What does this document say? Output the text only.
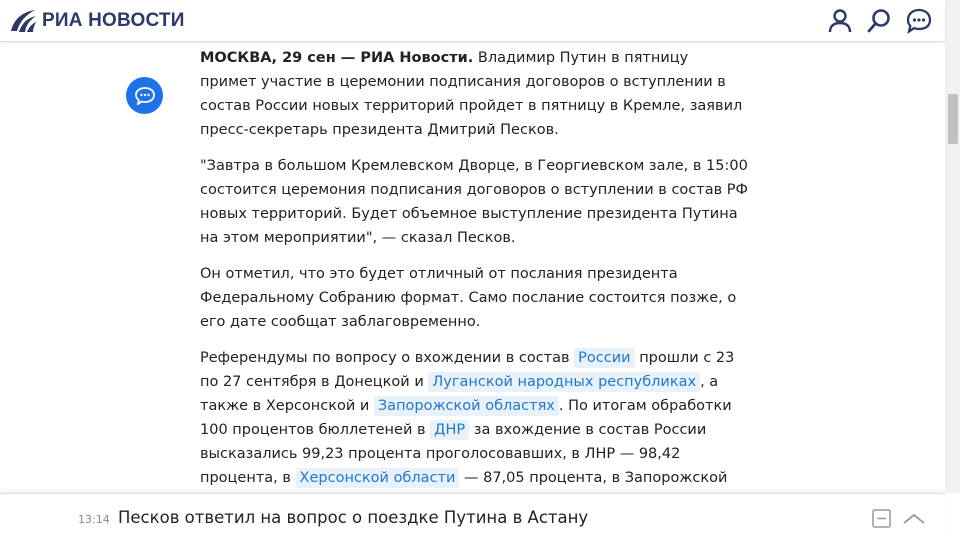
РИА НОВОСТИ

МОСКВА, 29 сен — РИА Новости. Владимир Путин в пятницу примет участие в церемонии подписания договоров о вступлении в состав России новых территорий пройдет в пятницу в Кремле, заявил пресс-секретарь президента Дмитрий Песков.

"Завтра в большом Кремлевском Дворце, в Георгиевском зале, в 15:00 состоится церемония подписания договоров о вступлении в состав РФ новых территорий. Будет объемное выступление президента Путина на этом мероприятии", — сказал Песков.

Он отметил, что это будет отличный от послания президента Федеральному Собранию формат. Само послание состоится позже, о его дате сообщат заблаговременно.

Референдумы по вопросу о вхождении в состав России прошли с 23 по 27 сентября в Донецкой и Луганской народных республиках , а также в Херсонской и Запорожской областях . По итогам обработки 100 процентов бюллетеней в ДНР за вхождение в состав России высказались 99,23 процента проголосовавших, в ЛНР — 98,42 процента, в Херсонской области — 87,05 процента, в Запорожской

13:14 Песков ответил на вопрос о поездке Путина в Астану
